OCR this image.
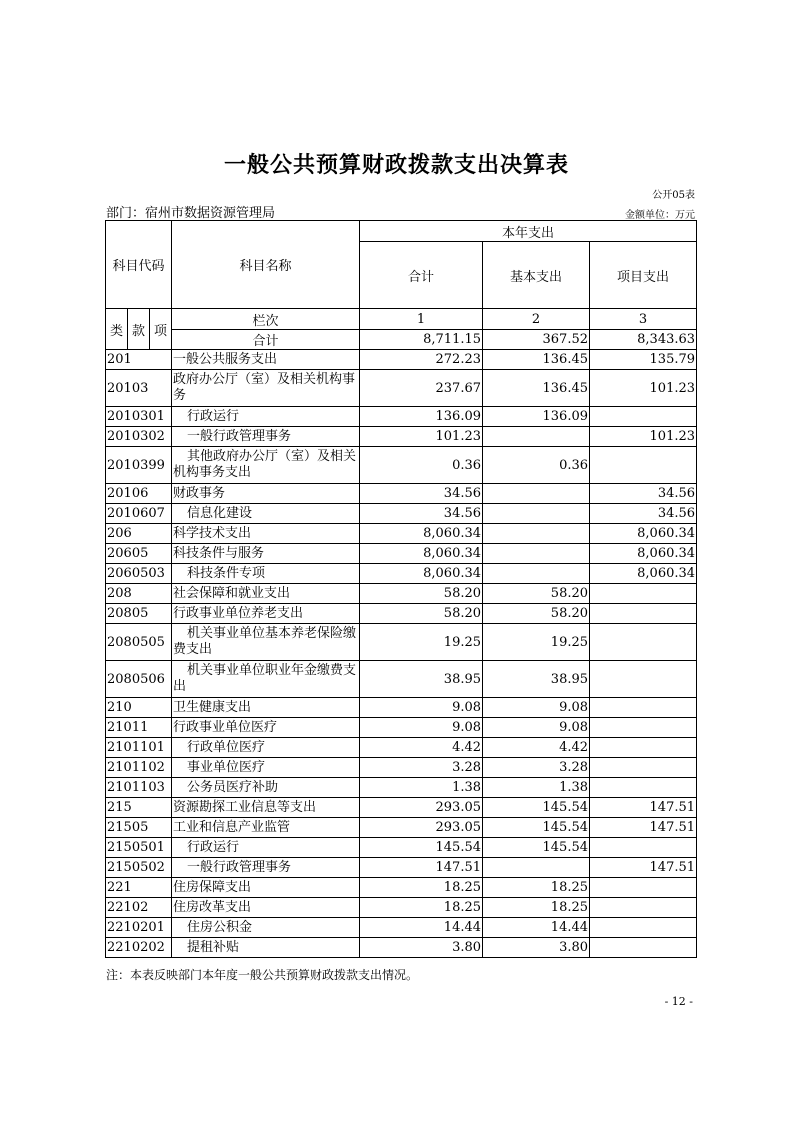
一般公共预算财政拨款支出决算表
公开05表
部门：宿州市数据资源管理局	金额单位：万元
科目代码			科目名称	本年支出		
				合计	基本支出	项目支出
类	款	项	栏次	1	2	3
			合计	8,711.15	367.52	8,343.63
201			一般公共服务支出	272.23	136.45	135.79
20103			政府办公厅（室）及相关机构事务	237.67	136.45	101.23
2010301			行政运行	136.09	136.09	
2010302			一般行政管理事务	101.23		101.23
2010399			其他政府办公厅（室）及相关机构事务支出	0.36	0.36	
20106			财政事务	34.56		34.56
2010607			信息化建设	34.56		34.56
206			科学技术支出	8,060.34		8,060.34
20605			科技条件与服务	8,060.34		8,060.34
2060503			科技条件专项	8,060.34		8,060.34
208			社会保障和就业支出	58.20	58.20	
20805			行政事业单位养老支出	58.20	58.20	
2080505			机关事业单位基本养老保险缴费支出	19.25	19.25	
2080506			机关事业单位职业年金缴费支出	38.95	38.95	
210			卫生健康支出	9.08	9.08	
21011			行政事业单位医疗	9.08	9.08	
2101101			行政单位医疗	4.42	4.42	
2101102			事业单位医疗	3.28	3.28	
2101103			公务员医疗补助	1.38	1.38	
215			资源勘探工业信息等支出	293.05	145.54	147.51
21505			工业和信息产业监管	293.05	145.54	147.51
2150501			行政运行	145.54	145.54	
2150502			一般行政管理事务	147.51		147.51
221			住房保障支出	18.25	18.25	
22102			住房改革支出	18.25	18.25	
2210201			住房公积金	14.44	14.44	
2210202			提租补贴	3.80	3.80	
注：本表反映部门本年度一般公共预算财政拨款支出情况。
- 12 -
